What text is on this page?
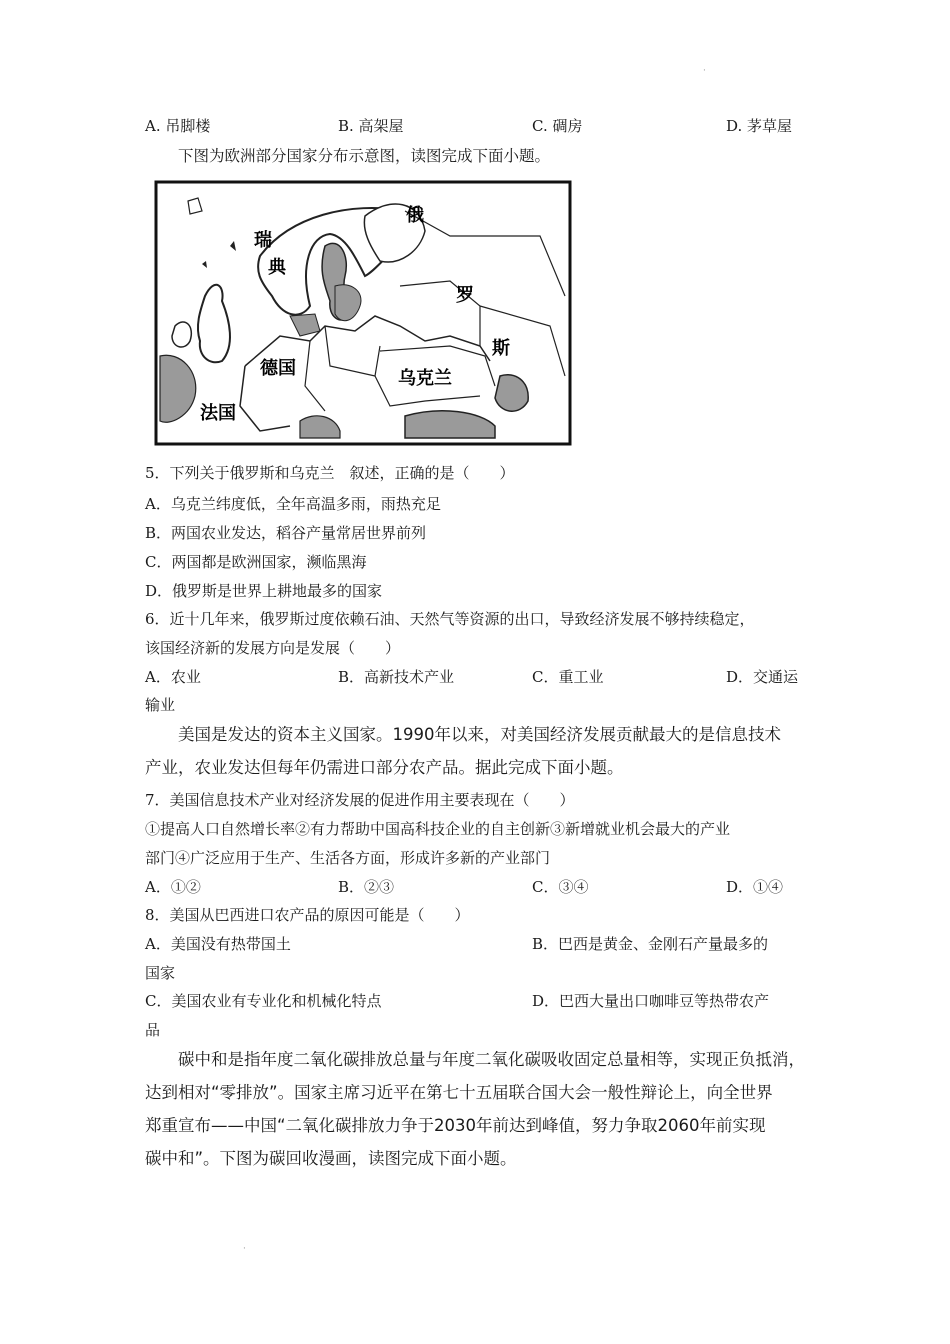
·
·
A. 吊脚楼	B. 高架屋	C. 碉房	D. 茅草屋
下图为欧洲部分国家分布示意图，读图完成下面小题。
瑞
典
俄
罗
斯
德国	乌克兰
法国
5．下列关于俄罗斯和乌克兰　叙述，正确的是（　　）
A．乌克兰纬度低，全年高温多雨，雨热充足
B．两国农业发达，稻谷产量常居世界前列
C．两国都是欧洲国家，濒临黑海
D．俄罗斯是世界上耕地最多的国家
6．近十几年来，俄罗斯过度依赖石油、天然气等资源的出口，导致经济发展不够持续稳定，
该国经济新的发展方向是发展（　　）
A．农业	B．高新技术产业	C．重工业	D．交通运
输业
美国是发达的资本主义国家。1990年以来，对美国经济发展贡献最大的是信息技术
产业，农业发达但每年仍需进口部分农产品。据此完成下面小题。
7．美国信息技术产业对经济发展的促进作用主要表现在（　　）
①提高人口自然增长率②有力帮助中国高科技企业的自主创新③新增就业机会最大的产业
部门④广泛应用于生产、生活各方面，形成许多新的产业部门
A．①②	B．②③	C．③④	D．①④
8．美国从巴西进口农产品的原因可能是（　　）
A．美国没有热带国土	B．巴西是黄金、金刚石产量最多的
国家
C．美国农业有专业化和机械化特点	D．巴西大量出口咖啡豆等热带农产
品
碳中和是指年度二氧化碳排放总量与年度二氧化碳吸收固定总量相等，实现正负抵消，
达到相对“零排放”。国家主席习近平在第七十五届联合国大会一般性辩论上，向全世界
郑重宣布——中国“二氧化碳排放力争于2030年前达到峰值，努力争取2060年前实现
碳中和”。下图为碳回收漫画，读图完成下面小题。
